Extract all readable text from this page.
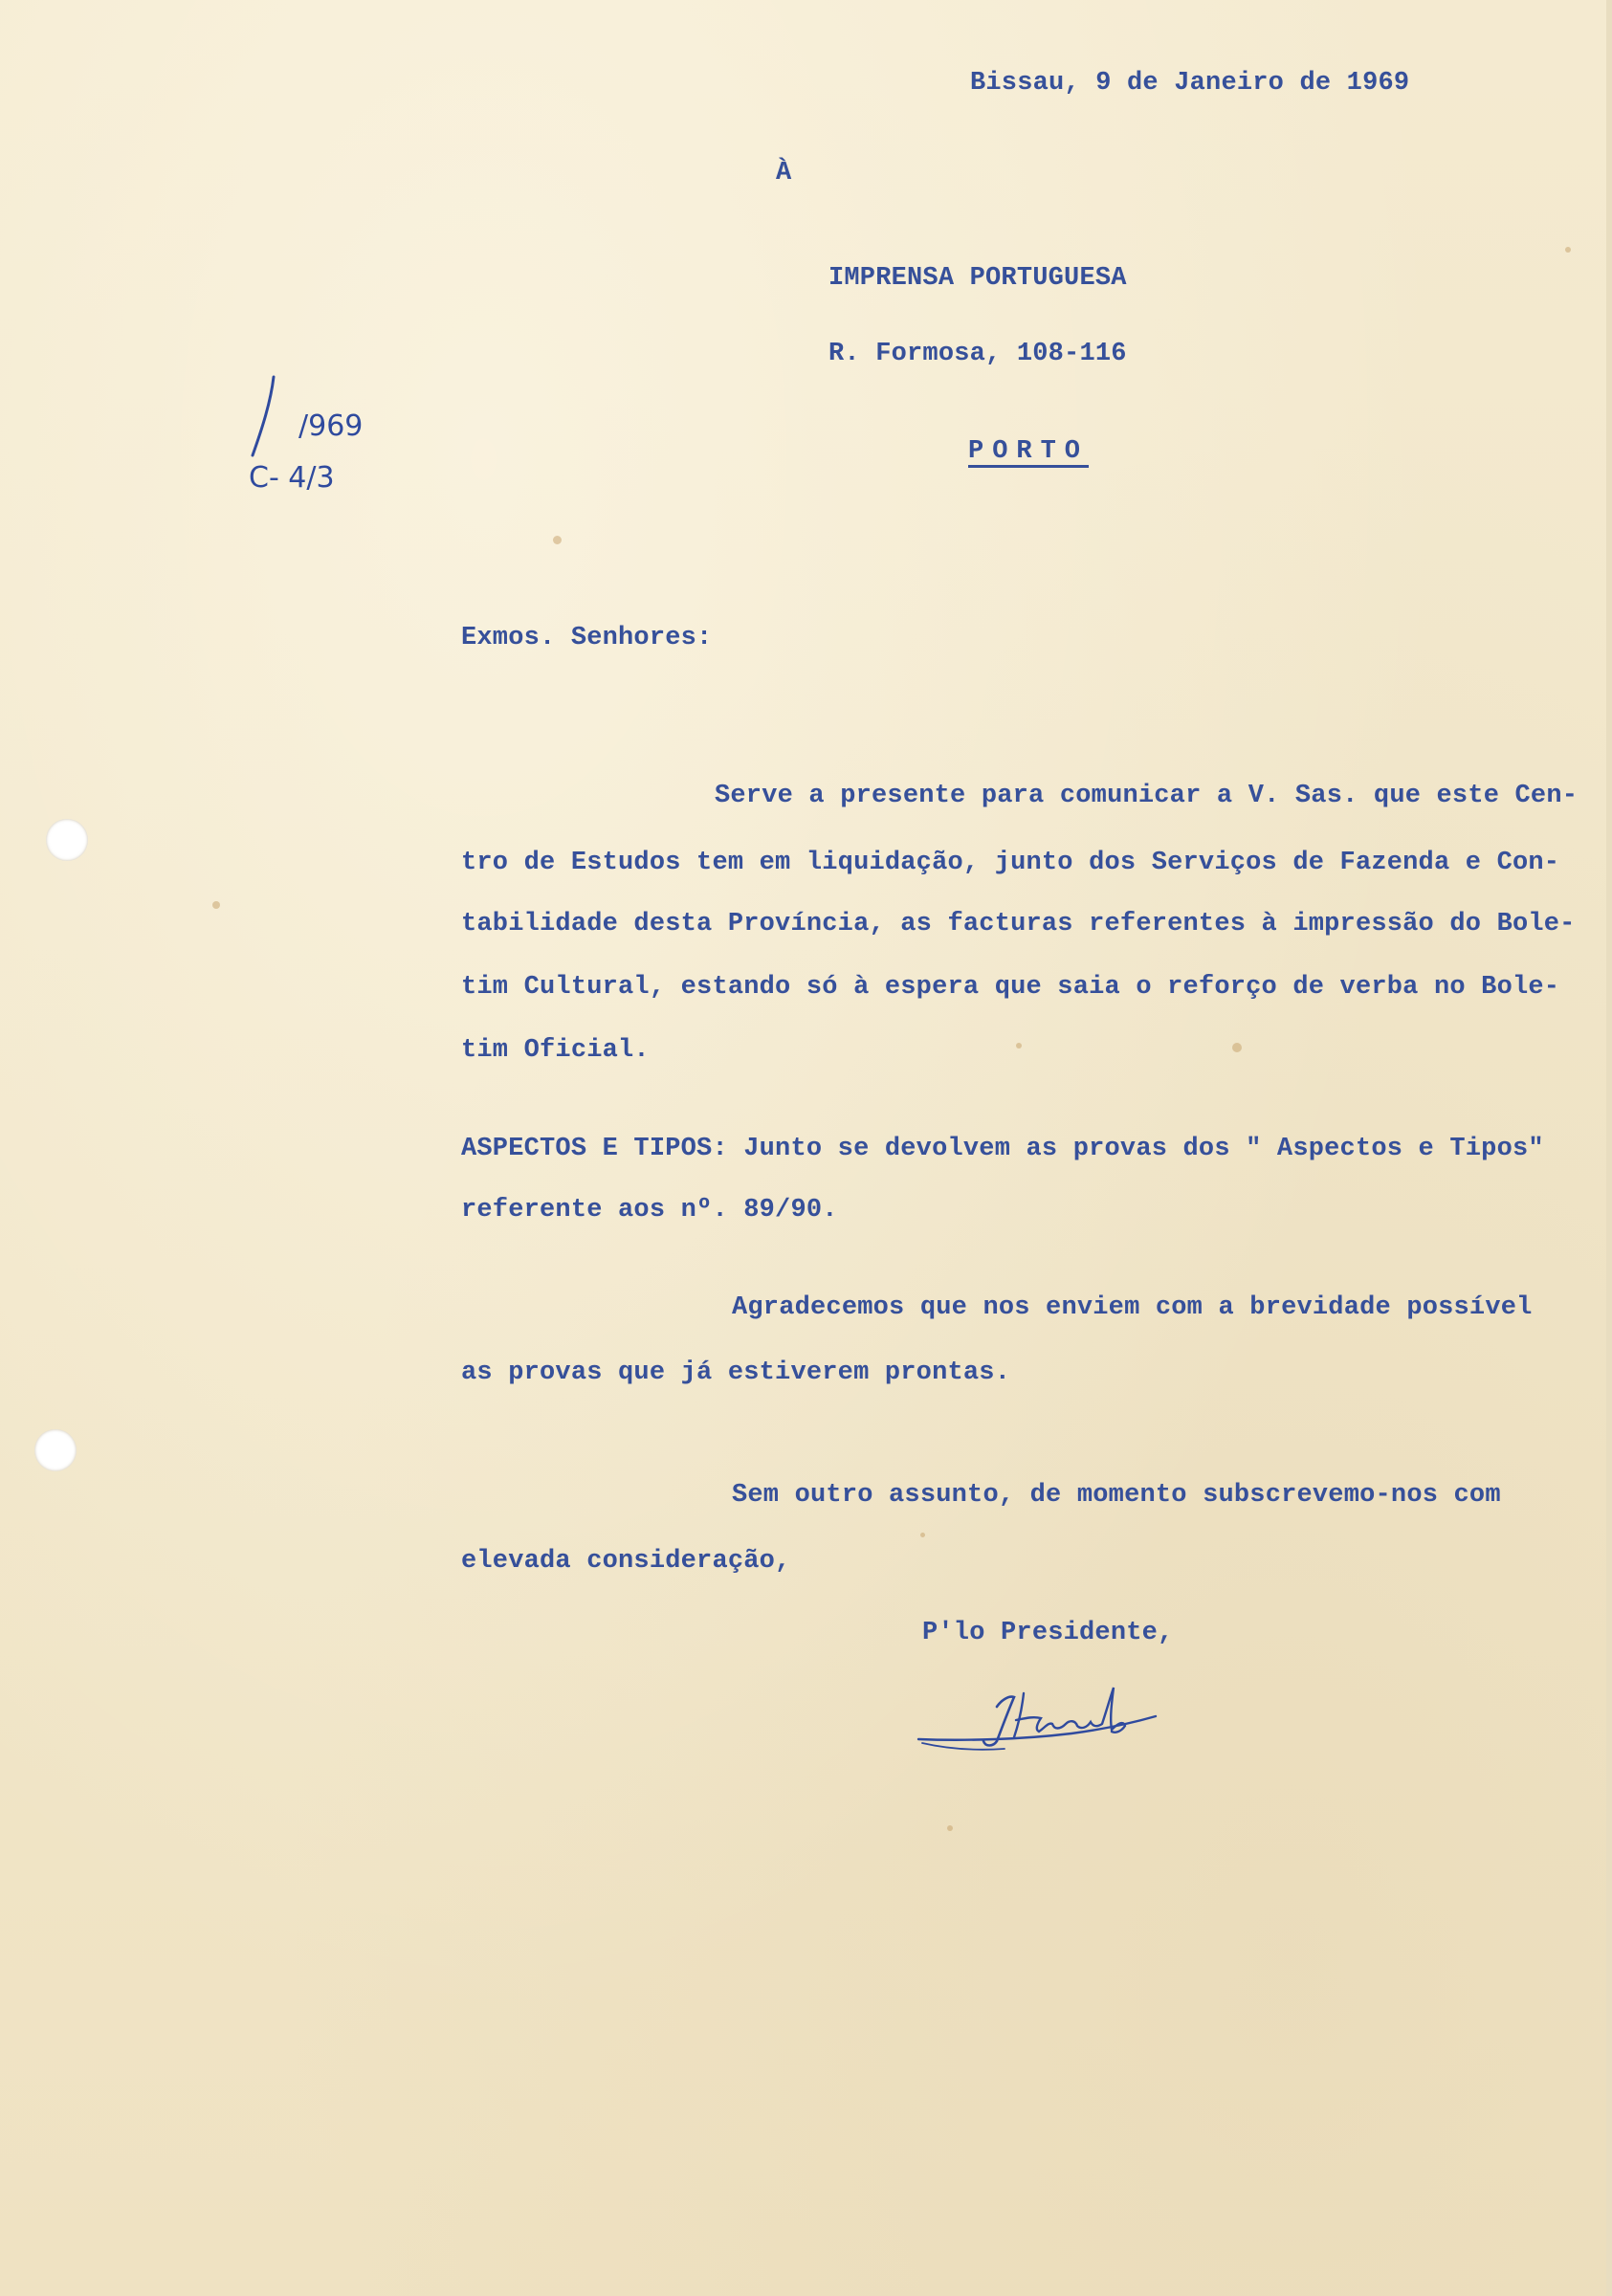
Bissau, 9 de Janeiro de 1969
À
IMPRENSA PORTUGUESA
R. Formosa, 108-116
PORTO
/969
C- 4/3
Exmos. Senhores:
Serve a presente para comunicar a V. Sas. que este Cen-
tro de Estudos tem em liquidação, junto dos Serviços de Fazenda e Con-
tabilidade desta Província, as facturas referentes à impressão do Bole-
tim Cultural, estando só à espera que saia o reforço de verba no Bole-
tim Oficial.
ASPECTOS E TIPOS: Junto se devolvem as provas dos " Aspectos e Tipos"
referente aos nº. 89/90.
Agradecemos que nos enviem com a brevidade possível
as provas que já estiverem prontas.
Sem outro assunto, de momento subscrevemo-nos com
elevada consideração,
P'lo Presidente,
